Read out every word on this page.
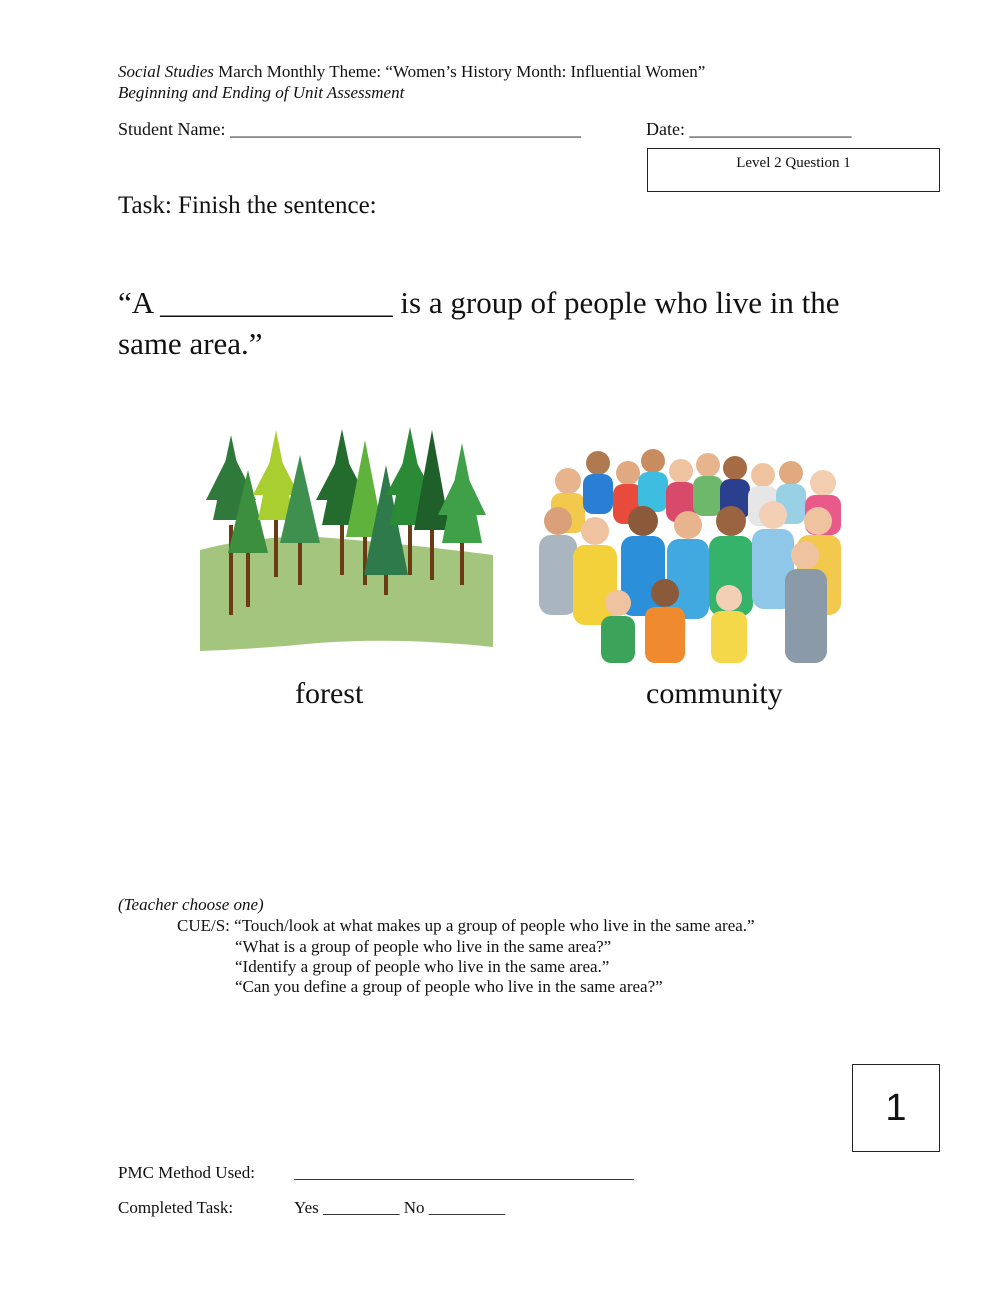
Social Studies March Monthly Theme: “Women’s History Month: Influential Women”
Beginning and Ending of Unit Assessment
Student Name: _______________________________________	Date: __________________
Level 2 Question 1
Task: Finish the sentence:
“A _______________ is a group of people who live in the same area.”
forest	community
(Teacher choose one)
CUE/S: “Touch/look at what makes up a group of people who live in the same area.”
“What is a group of people who live in the same area?”
“Identify a group of people who live in the same area.”
“Can you define a group of people who live in the same area?”
1
PMC Method Used: ________________________________________
Completed Task:	Yes _________ No _________
